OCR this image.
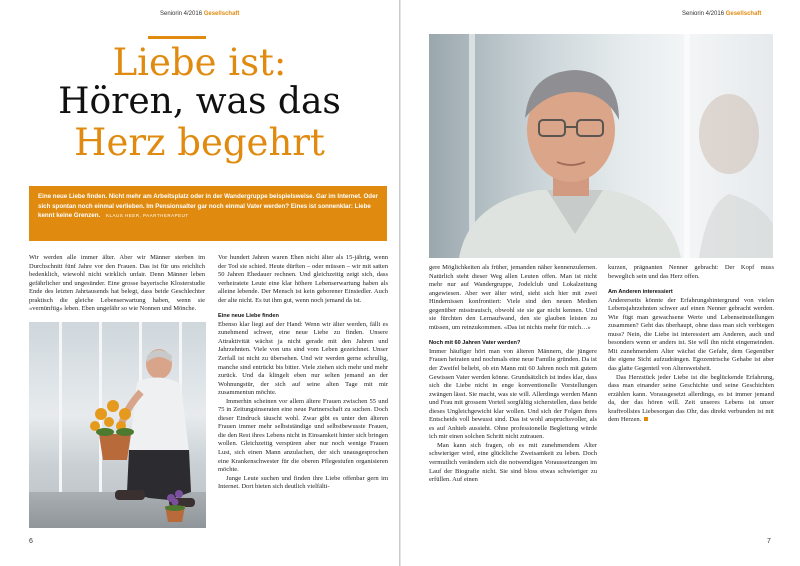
Seniorin 4/2016 Gesellschaft
Liebe ist:
Hören, was das
Herz begehrt
Eine neue Liebe finden. Nicht mehr am Arbeitsplatz oder in der Wandergruppe beispielsweise. Gar im Internet. Oder sich spontan noch einmal verlieben. Im Pensionsalter gar noch einmal Vater werden? Eines ist sonnenklar: Liebe kennt keine Grenzen. KLAUS HEER, PAARTHERAPEUT

Wir werden alle immer älter. Aber wir Männer sterben im Durchschnitt fünf Jahre vor den Frauen. Das ist für uns reichlich bedenklich, wiewohl nicht wirklich unfair. Denn Männer leben gefährlicher und ungesünder. Eine grosse bayerische Klosterstudie Ende des letzten Jahrtausends hat belegt, dass beide Geschlechter praktisch die gleiche Lebenserwartung haben, wenn sie «vernünftig» leben. Eben ungefähr so wie Nonnen und Mönche.

Vor hundert Jahren waren Ehen nicht älter als 15-jährig, wenn der Tod sie schied. Heute dürften – oder müssen – wir mit satten 50 Jahren Ehedauer rechnen. Und gleichzeitig zeigt sich, dass verheiratete Leute eine klar höhere Lebenserwartung haben als alleine lebende. Der Mensch ist kein geborener Einsiedler. Auch der alte nicht. Es tut ihm gut, wenn noch jemand da ist.

Eine neue Liebe finden

Ebenso klar liegt auf der Hand: Wenn wir älter werden, fällt es zunehmend schwer, eine neue Liebe zu finden. Unsere Attraktivität wächst ja nicht gerade mit den Jahren und Jahrzehnten. Viele von uns sind vom Leben gezeichnet. Unser Zerfall ist nicht zu übersehen. Und wir werden gerne schrullig, manche sind entrückt bis bitter. Viele ziehen sich mehr und mehr zurück. Und da klingelt eben nur selten jemand an der Wohnungstür, der sich auf seine alten Tage mit mir zusammentun möchte.

Immerhin scheinen vor allem ältere Frauen zwischen 55 und 75 in Zeitungsinseraten eine neue Partnerschaft zu suchen. Doch dieser Eindruck täuscht wohl. Zwar gibt es unter den älteren Frauen immer mehr selbstständige und selbstbewusste Frauen, die den Rest ihres Lebens nicht in Einsamkeit hinter sich bringen wollen. Gleichzeitig verspüren aber nur noch wenige Frauen Lust, sich einen Mann anzulachen, der sich unausgesprochen eine Krankenschwester für die oberen Pflegestufen organisieren möchte.

Junge Leute suchen und finden ihre Liebe offenbar gern im Internet. Dort bieten sich deutlich vielfälti-

6
Seniorin 4/2016 Gesellschaft

gere Möglichkeiten als früher, jemanden näher kennenzulernen. Natürlich steht dieser Weg allen Leuten offen. Man ist nicht mehr nur auf Wandergruppe, Jodelclub und Lokalzeitung angewiesen. Aber wer älter wird, sieht sich hier mit zwei Hindernissen konfrontiert: Viele sind den neuen Medien gegenüber misstrauisch, obwohl sie sie gar nicht kennen. Und sie fürchten den Lernaufwand, den sie glauben leisten zu müssen, um reinzukommen. «Das ist nichts mehr für mich…»

Noch mit 60 Jahren Vater werden?

Immer häufiger hört man von älteren Männern, die jüngere Frauen heiraten und nochmals eine neue Familie gründen. Da ist der Zweifel beliebt, ob ein Mann mit 60 Jahren noch mit gutem Gewissen Vater werden könne. Grundsätzlich ist indes klar, dass sich die Liebe nicht in enge konventionelle Vorstellungen zwängen lässt. Sie macht, was sie will. Allerdings werden Mann und Frau mit grossem Vorteil sorgfältig sicherstellen, dass beide dieses Ungleichgewicht klar wollen. Und sich der Folgen ihres Entscheids voll bewusst sind. Das ist wohl anspruchsvoller, als es auf Anhieb aussieht. Ohne professionelle Begleitung würde ich mir einen solchen Schritt nicht zutrauen.

Man kann sich fragen, ob es mit zunehmendem Alter schwieriger wird, eine glückliche Zweisamkeit zu leben. Doch vermutlich verändern sich die notwendigen Voraussetzungen im Lauf der Biografie nicht. Sie sind bloss etwas schwieriger zu erfüllen. Auf einen

kurzen, prägnanten Nenner gebracht: Der Kopf muss beweglich sein und das Herz offen.

Am Anderen interessiert

Andererseits könnte der Erfahrungshintergrund von vielen Lebensjahrzehnten schwer auf einen Nenner gebracht werden. Wie fügt man gewachsene Werte und Lebenseinstellungen zusammen? Geht das überhaupt, ohne dass man sich verbiegen muss? Nein, die Liebe ist interessiert am Anderen, auch und besonders wenn er anders ist. Sie will ihn nicht eingemeinden. Mit zunehmendem Alter wächst die Gefahr, dem Gegenüber die eigene Sicht aufzudrängen. Egozentrische Gehabe ist aber das glatte Gegenteil von Altersweisheit.

Das Herzstück jeder Liebe ist die beglückende Erfahrung, dass man einander seine Geschichte und seine Geschichten erzählen kann. Vorausgesetzt allerdings, es ist immer jemand da, der das hören will. Zeit unseres Lebens ist unser kraftvollstes Liebesorgan das Ohr, das direkt verbunden ist mit dem Herzen.

7
